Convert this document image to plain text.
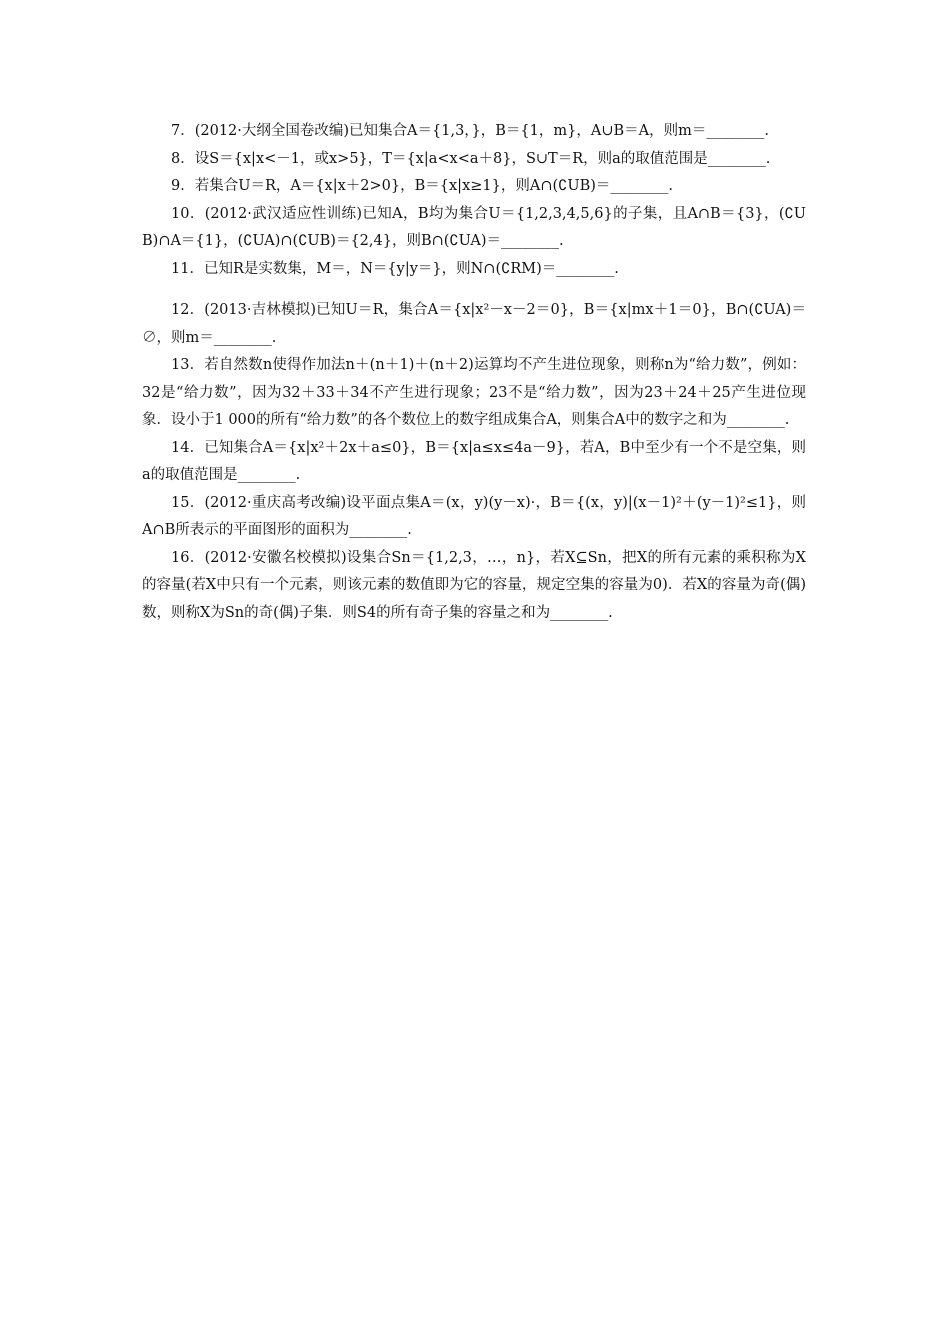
7．(2012·大纲全国卷改编)已知集合A＝{1,3，}，B＝{1，m}，A∪B＝A，则m＝________.

8．设S＝{x|x<－1，或x>5}，T＝{x|a<x<a＋8}，S∪T＝R，则a的取值范围是________.

9．若集合U＝R，A＝{x|x＋2>0}，B＝{x|x≥1}，则A∩(∁UB)＝________.

10．(2012·武汉适应性训练)已知A，B均为集合U＝{1,2,3,4,5,6}的子集，且A∩B＝{3}，(∁UB)∩A＝{1}，(∁UA)∩(∁UB)＝{2,4}，则B∩(∁UA)＝________.

11．已知R是实数集，M＝，N＝{y|y＝}，则N∩(∁RM)＝________.

12．(2013·吉林模拟)已知U＝R，集合A＝{x|x²－x－2＝0}，B＝{x|mx＋1＝0}，B∩(∁UA)＝∅，则m＝________.

13．若自然数n使得作加法n＋(n＋1)＋(n＋2)运算均不产生进位现象，则称n为“给力数”，例如：32是“给力数”，因为32＋33＋34不产生进行现象；23不是“给力数”，因为23＋24＋25产生进位现象．设小于1 000的所有“给力数”的各个数位上的数字组成集合A，则集合A中的数字之和为________.

14．已知集合A＝{x|x²＋2x＋a≤0}，B＝{x|a≤x≤4a－9}，若A，B中至少有一个不是空集，则a的取值范围是________.

15．(2012·重庆高考改编)设平面点集A＝(x，y)(y－x)·，B＝{(x，y)|(x－1)²＋(y－1)²≤1}，则A∩B所表示的平面图形的面积为________.

16．(2012·安徽名校模拟)设集合Sn＝{1,2,3，…，n}，若X⊆Sn，把X的所有元素的乘积称为X的容量(若X中只有一个元素，则该元素的数值即为它的容量，规定空集的容量为0)．若X的容量为奇(偶)数，则称X为Sn的奇(偶)子集．则S4的所有奇子集的容量之和为________.
